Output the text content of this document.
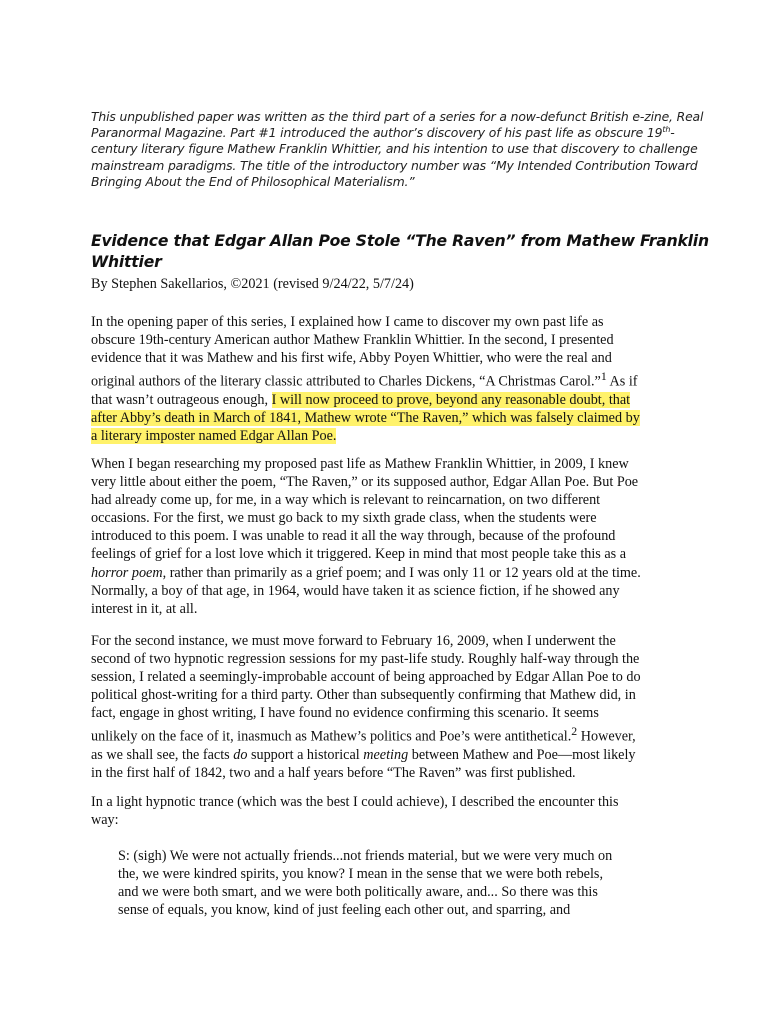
This unpublished paper was written as the third part of a series for a now-defunct British e-zine, Real
Paranormal Magazine. Part #1 introduced the author’s discovery of his past life as obscure 19th-
century literary figure Mathew Franklin Whittier, and his intention to use that discovery to challenge
mainstream paradigms. The title of the introductory number was “My Intended Contribution Toward
Bringing About the End of Philosophical Materialism.”
Evidence that Edgar Allan Poe Stole “The Raven” from Mathew Franklin
Whittier
By Stephen Sakellarios, ©2021 (revised 9/24/22, 5/7/24)
In the opening paper of this series, I explained how I came to discover my own past life as
obscure 19th-century American author Mathew Franklin Whittier. In the second, I presented
evidence that it was Mathew and his first wife, Abby Poyen Whittier, who were the real and
original authors of the literary classic attributed to Charles Dickens, “A Christmas Carol.”$^1$ As if
that wasn’t outrageous enough, I will now proceed to prove, beyond any reasonable doubt, that
after Abby’s death in March of 1841, Mathew wrote “The Raven,” which was falsely claimed by
a literary imposter named Edgar Allan Poe.
When I began researching my proposed past life as Mathew Franklin Whittier, in 2009, I knew
very little about either the poem, “The Raven,” or its supposed author, Edgar Allan Poe. But Poe
had already come up, for me, in a way which is relevant to reincarnation, on two different
occasions. For the first, we must go back to my sixth grade class, when the students were
introduced to this poem. I was unable to read it all the way through, because of the profound
feelings of grief for a lost love which it triggered. Keep in mind that most people take this as a
horror poem, rather than primarily as a grief poem; and I was only 11 or 12 years old at the time.
Normally, a boy of that age, in 1964, would have taken it as science fiction, if he showed any
interest in it, at all.
For the second instance, we must move forward to February 16, 2009, when I underwent the
second of two hypnotic regression sessions for my past-life study. Roughly half-way through the
session, I related a seemingly-improbable account of being approached by Edgar Allan Poe to do
political ghost-writing for a third party. Other than subsequently confirming that Mathew did, in
fact, engage in ghost writing, I have found no evidence confirming this scenario. It seems
unlikely on the face of it, inasmuch as Mathew’s politics and Poe’s were antithetical.$^2$ However,
as we shall see, the facts do support a historical meeting between Mathew and Poe—most likely
in the first half of 1842, two and a half years before “The Raven” was first published.
In a light hypnotic trance (which was the best I could achieve), I described the encounter this
way:
S: (sigh) We were not actually friends...not friends material, but we were very much on
the, we were kindred spirits, you know? I mean in the sense that we were both rebels,
and we were both smart, and we were both politically aware, and... So there was this
sense of equals, you know, kind of just feeling each other out, and sparring, and
